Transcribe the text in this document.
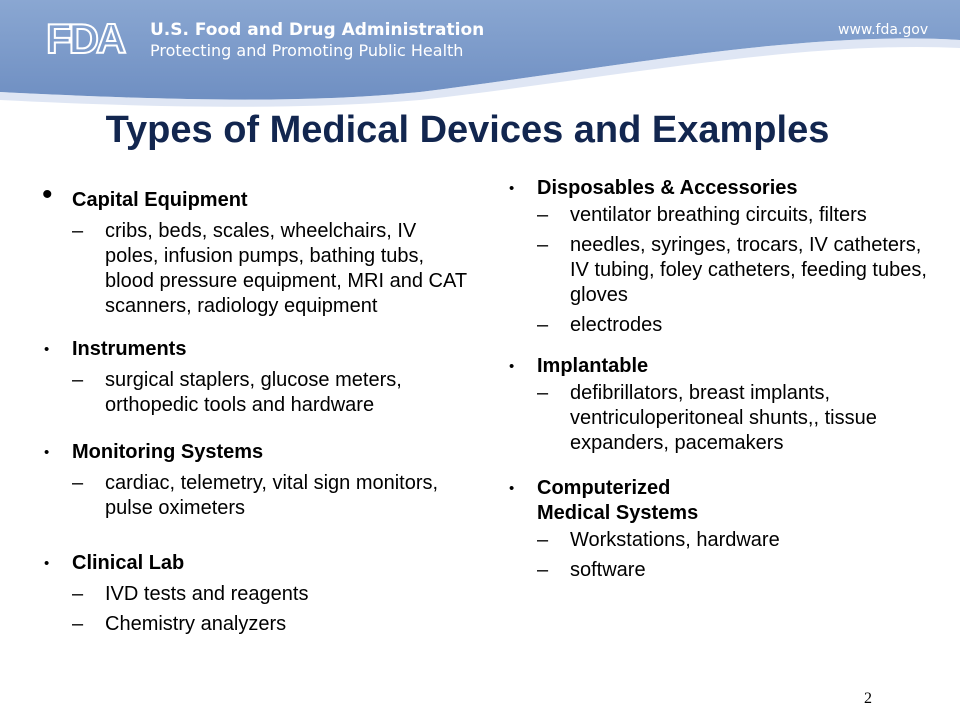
FDA	U.S. Food and Drug Administration
Protecting and Promoting Public Health
www.fda.gov
Types of Medical Devices and Examples
• Capital Equipment
– cribs, beds, scales, wheelchairs, IV poles, infusion pumps, bathing tubs, blood pressure equipment, MRI and CAT scanners, radiology equipment
•	Instruments
– surgical staplers, glucose meters, orthopedic tools and hardware
•	Monitoring Systems
– cardiac, telemetry, vital sign monitors, pulse oximeters
•	Clinical Lab
– IVD tests and reagents
– Chemistry analyzers
•	Disposables & Accessories
– ventilator breathing circuits, filters
– needles, syringes, trocars, IV catheters, IV tubing, foley catheters, feeding tubes, gloves
– electrodes
•	Implantable
– defibrillators, breast implants, ventriculoperitoneal shunts,, tissue expanders, pacemakers
•	Computerized Medical Systems
– Workstations, hardware
– software
2
